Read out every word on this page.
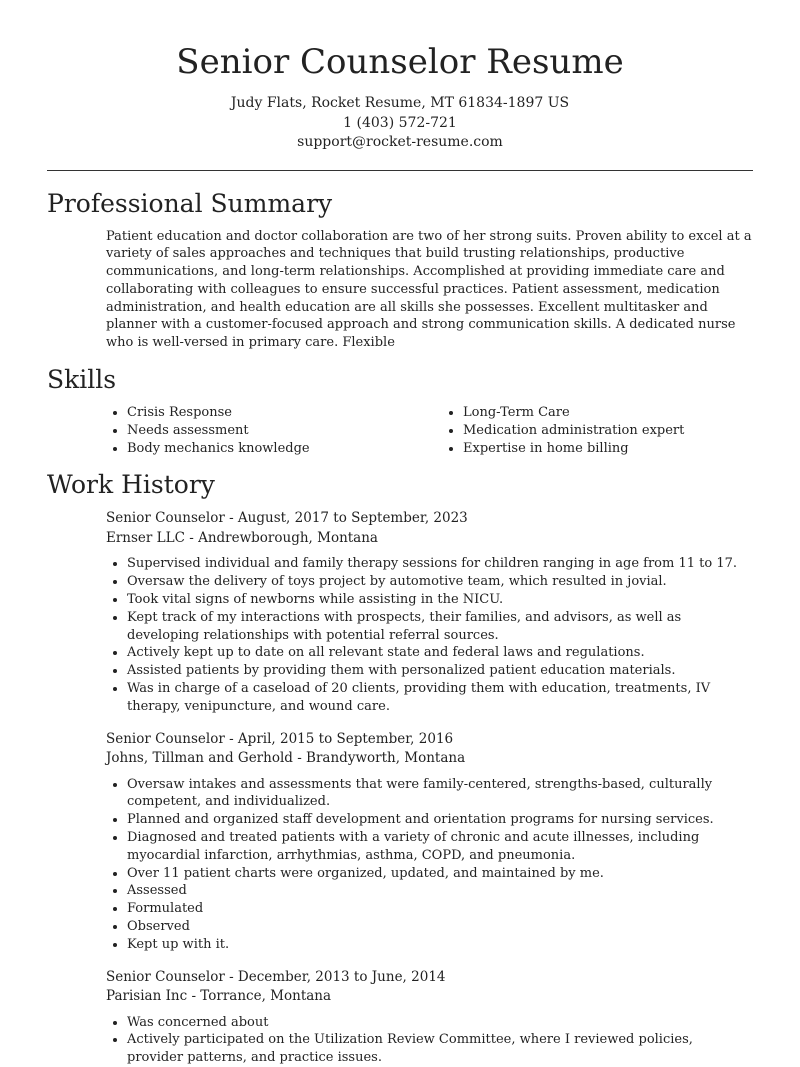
Senior Counselor Resume
Judy Flats, Rocket Resume, MT 61834-1897 US
1 (403) 572-721
support@rocket-resume.com
Professional Summary
Patient education and doctor collaboration are two of her strong suits. Proven ability to excel at a variety of sales approaches and techniques that build trusting relationships, productive communications, and long-term relationships. Accomplished at providing immediate care and collaborating with colleagues to ensure successful practices. Patient assessment, medication administration, and health education are all skills she possesses. Excellent multitasker and planner with a customer-focused approach and strong communication skills. A dedicated nurse who is well-versed in primary care. Flexible
Skills
• Crisis Response
• Needs assessment
• Body mechanics knowledge
• Long-Term Care
• Medication administration expert
• Expertise in home billing
Work History
Senior Counselor - August, 2017 to September, 2023
Ernser LLC - Andrewborough, Montana
• Supervised individual and family therapy sessions for children ranging in age from 11 to 17.
• Oversaw the delivery of toys project by automotive team, which resulted in jovial.
• Took vital signs of newborns while assisting in the NICU.
• Kept track of my interactions with prospects, their families, and advisors, as well as developing relationships with potential referral sources.
• Actively kept up to date on all relevant state and federal laws and regulations.
• Assisted patients by providing them with personalized patient education materials.
• Was in charge of a caseload of 20 clients, providing them with education, treatments, IV therapy, venipuncture, and wound care.
Senior Counselor - April, 2015 to September, 2016
Johns, Tillman and Gerhold - Brandyworth, Montana
• Oversaw intakes and assessments that were family-centered, strengths-based, culturally competent, and individualized.
• Planned and organized staff development and orientation programs for nursing services.
• Diagnosed and treated patients with a variety of chronic and acute illnesses, including myocardial infarction, arrhythmias, asthma, COPD, and pneumonia.
• Over 11 patient charts were organized, updated, and maintained by me.
• Assessed
• Formulated
• Observed
• Kept up with it.
Senior Counselor - December, 2013 to June, 2014
Parisian Inc - Torrance, Montana
• Was concerned about
• Actively participated on the Utilization Review Committee, where I reviewed policies, provider patterns, and practice issues.
